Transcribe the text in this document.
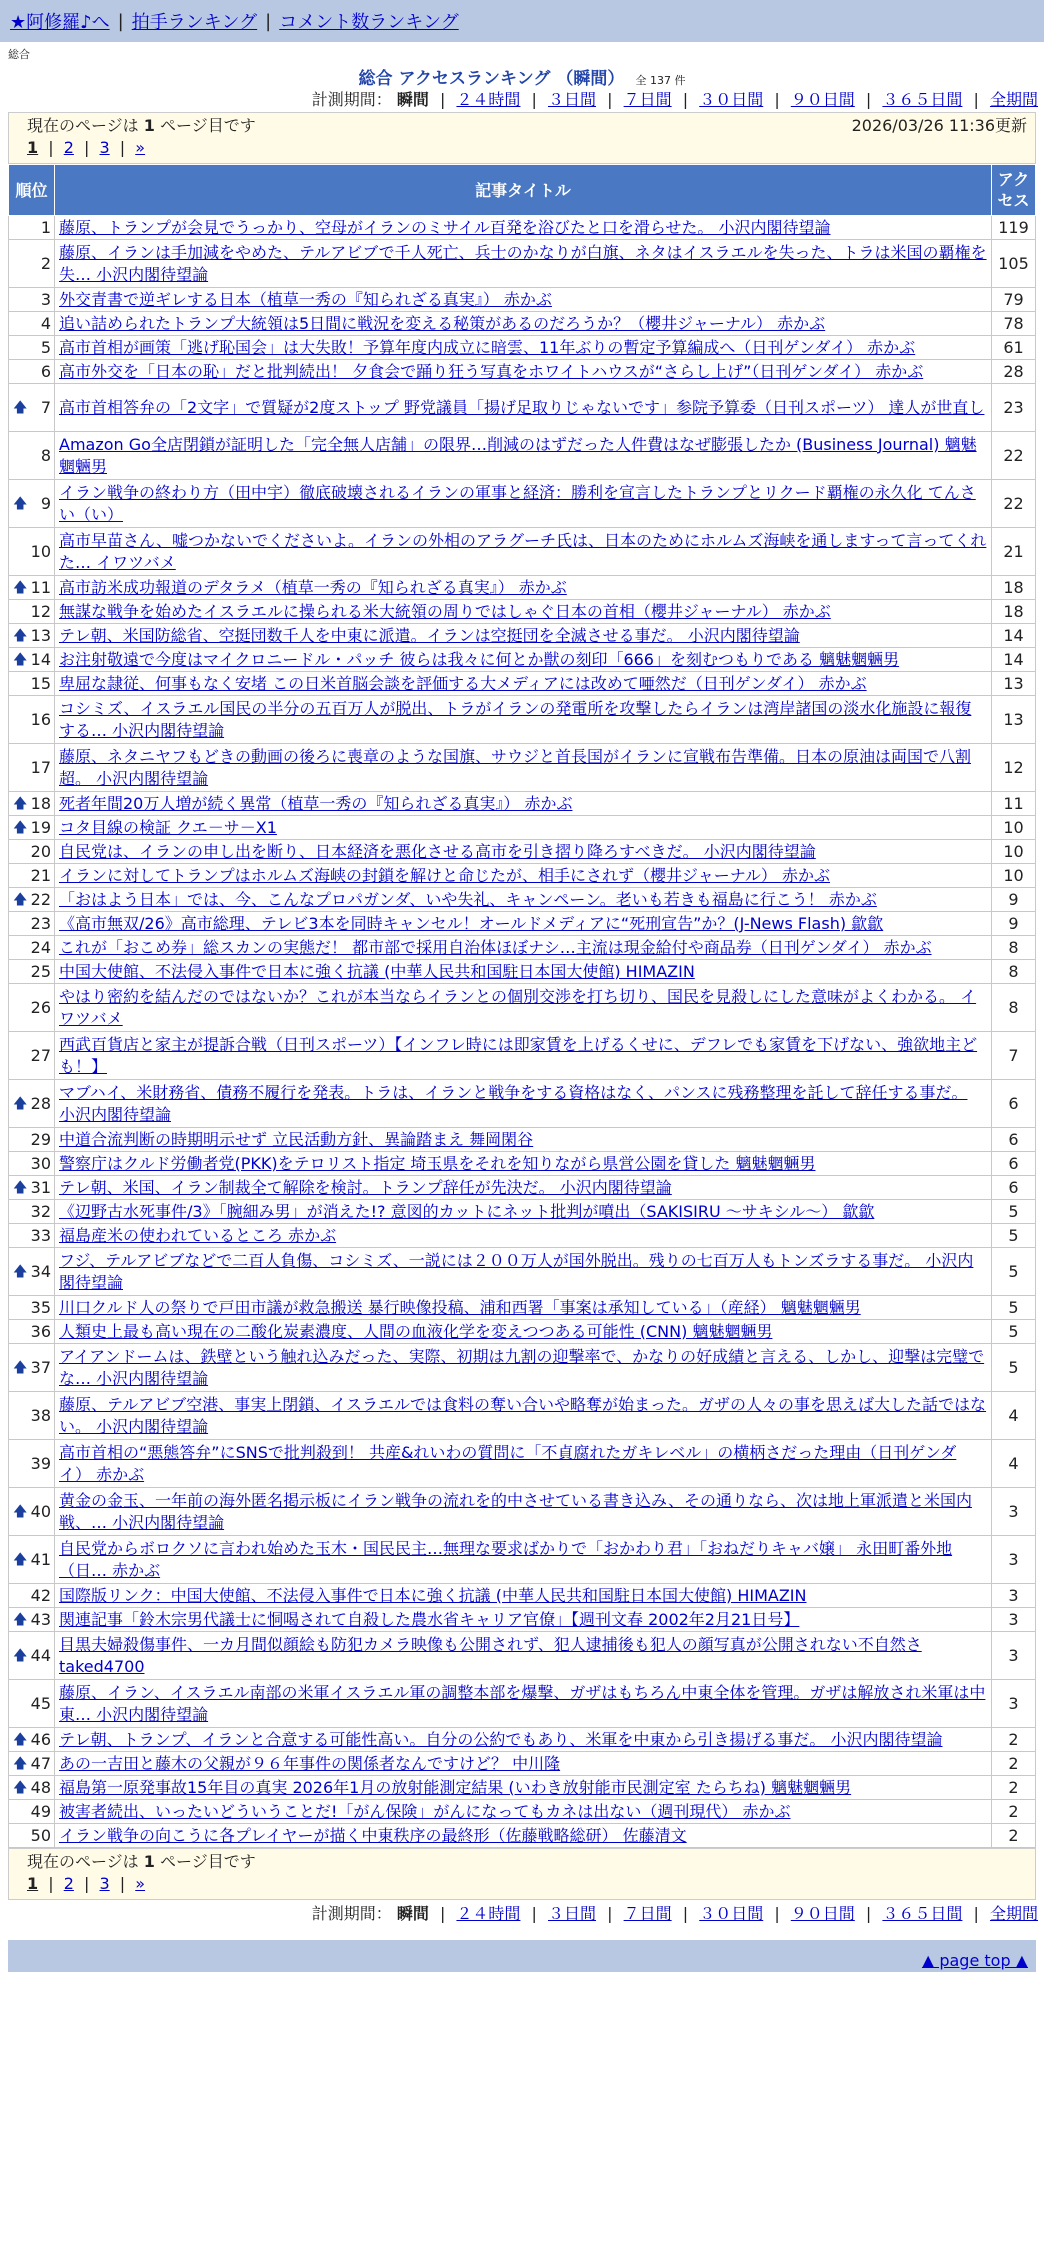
★阿修羅♪へ | 拍手ランキング | コメント数ランキング
総合
総合 アクセスランキング （瞬間） 全 137 件
計測期間： 瞬間 | ２４時間 | ３日間 | ７日間 | ３０日間 | ９０日間 | ３６５日間 | 全期間
現在のページは 1 ページ目です	2026/03/26 11:36更新
1 | 2 | 3 | »
順位	記事タイトル	アクセス
1	藤原、トランプが会見でうっかり、空母がイランのミサイル百発を浴びたと口を滑らせた。 小沢内閣待望論	119
2	藤原、イランは手加減をやめた、テルアビブで千人死亡、兵士のかなりが白旗、ネタはイスラエルを失った、トラは米国の覇権を失… 小沢内閣待望論	105
3	外交青書で逆ギレする日本（植草一秀の『知られざる真実』） 赤かぶ	79
4	追い詰められたトランプ大統領は5日間に戦況を変える秘策があるのだろうか？（櫻井ジャーナル） 赤かぶ	78
5	高市首相が画策「逃げ恥国会」は大失敗！予算年度内成立に暗雲、11年ぶりの暫定予算編成へ（日刊ゲンダイ） 赤かぶ	61
6	高市外交を「日本の恥」だと批判続出！ 夕食会で踊り狂う写真をホワイトハウスが“さらし上げ”（日刊ゲンダイ） 赤かぶ	28

🡅 7	高市首相答弁の「2文字」で質疑が2度ストップ 野党議員「揚げ足取りじゃないです」参院予算委（日刊スポーツ） 達人が世直し	23
8	Amazon Go全店閉鎖が証明した「完全無人店舗」の限界…削減のはずだった人件費はなぜ膨張したか (Business Journal) 魑魅魍魎男	22

🡅 9	イラン戦争の終わり方（田中宇）徹底破壊されるイランの軍事と経済：勝利を宣言したトランプとリクード覇権の永久化 てんさい（い）	22
10	高市早苗さん、嘘つかないでくださいよ。イランの外相のアラグーチ氏は、日本のためにホルムズ海峡を通しますって言ってくれた… イワツバメ	21

🡅 11	高市訪米成功報道のデタラメ（植草一秀の『知られざる真実』） 赤かぶ	18
12	無謀な戦争を始めたイスラエルに操られる米大統領の周りではしゃぐ日本の首相（櫻井ジャーナル） 赤かぶ	18

🡅 13	テレ朝、米国防総省、空挺団数千人を中東に派遣。イランは空挺団を全滅させる事だ。 小沢内閣待望論	14

🡅 14	お注射敬遠で今度はマイクロニードル・パッチ 彼らは我々に何とか獣の刻印「666」を刻むつもりである 魑魅魍魎男	14
15	卑屈な隷従、何事もなく安堵 この日米首脳会談を評価する大メディアには改めて唖然だ（日刊ゲンダイ） 赤かぶ	13
16	コシミズ、イスラエル国民の半分の五百万人が脱出、トラがイランの発電所を攻撃したらイランは湾岸諸国の淡水化施設に報復する… 小沢内閣待望論	13
17	藤原、ネタニヤフもどきの動画の後ろに喪章のような国旗、サウジと首長国がイランに宣戦布告準備。日本の原油は両国で八割超。 小沢内閣待望論	12

🡅 18	死者年間20万人増が続く異常（植草一秀の『知られざる真実』） 赤かぶ	11

🡅 19	コタ目線の検証 クエ－サ－X1	10
20	自民党は、イランの申し出を断り、日本経済を悪化させる高市を引き摺り降ろすべきだ。 小沢内閣待望論	10
21	イランに対してトランプはホルムズ海峡の封鎖を解けと命じたが、相手にされず（櫻井ジャーナル） 赤かぶ	10

🡅 22	「おはよう日本」では、今、こんなプロパガンダ、いや失礼、キャンペーン。老いも若きも福島に行こう！ 赤かぶ	9
23	《高市無双/26》高市総理、テレビ3本を同時キャンセル！オールドメディアに“死刑宣告”か？(J-News Flash) 歙歙	9
24	これが「おこめ券」総スカンの実態だ！ 都市部で採用自治体ほぼナシ…主流は現金給付や商品券（日刊ゲンダイ） 赤かぶ	8
25	中国大使館、不法侵入事件で日本に強く抗議 (中華人民共和国駐日本国大使館) HIMAZIN	8
26	やはり密約を結んだのではないか？これが本当ならイランとの個別交渉を打ち切り、国民を見殺しにした意味がよくわかる。 イワツバメ	8
27	西武百貨店と家主が提訴合戦（日刊スポーツ）【インフレ時には即家賃を上げるくせに、デフレでも家賃を下げない、強欲地主ども！】	7

🡅 28	マブハイ、米財務省、債務不履行を発表。トラは、イランと戦争をする資格はなく、パンスに残務整理を託して辞任する事だ。 小沢内閣待望論	6
29	中道合流判断の時期明示せず 立民活動方針、異論踏まえ 舞岡閑谷	6
30	警察庁はクルド労働者党(PKK)をテロリスト指定 埼玉県をそれを知りながら県営公園を貸した 魑魅魍魎男	6

🡅 31	テレ朝、米国、イラン制裁全て解除を検討。トランプ辞任が先決だ。 小沢内閣待望論	6
32	《辺野古水死事件/3》「腕細み男」が消えた!? 意図的カットにネット批判が噴出（SAKISIRU ～サキシル～） 歙歙	5
33	福島産米の使われているところ 赤かぶ	5

🡅 34	フジ、テルアビブなどで二百人負傷、コシミズ、一説には２００万人が国外脱出。残りの七百万人もトンズラする事だ。 小沢内閣待望論	5
35	川口クルド人の祭りで戸田市議が救急搬送 暴行映像投稿、浦和西署「事案は承知している」（産経） 魑魅魍魎男	5
36	人類史上最も高い現在の二酸化炭素濃度、人間の血液化学を変えつつある可能性 (CNN) 魑魅魍魎男	5

🡅 37	アイアンドームは、鉄壁という触れ込みだった、実際、初期は九割の迎撃率で、かなりの好成績と言える、しかし、迎撃は完璧でな… 小沢内閣待望論	5
38	藤原、テルアビブ空港、事実上閉鎖、イスラエルでは食料の奪い合いや略奪が始まった。ガザの人々の事を思えば大した話ではない。 小沢内閣待望論	4
39	高市首相の“悪態答弁”にSNSで批判殺到！ 共産&れいわの質問に「不貞腐れたガキレベル」の横柄さだった理由（日刊ゲンダイ） 赤かぶ	4

🡅 40	黄金の金玉、一年前の海外匿名掲示板にイラン戦争の流れを的中させている書き込み、その通りなら、次は地上軍派遣と米国内戦、… 小沢内閣待望論	3

🡅 41	自民党からボロクソに言われ始めた玉木・国民民主…無理な要求ばかりで「おかわり君」「おねだりキャバ嬢」 永田町番外地（日… 赤かぶ	3
42	国際版リンク：中国大使館、不法侵入事件で日本に強く抗議 (中華人民共和国駐日本国大使館) HIMAZIN	3

🡅 43	関連記事「鈴木宗男代議士に恫喝されて自殺した農水省キャリア官僚」【週刊文春 2002年2月21日号】	3

🡅 44	目黒夫婦殺傷事件、一カ月間似顔絵も防犯カメラ映像も公開されず、犯人逮捕後も犯人の顔写真が公開されない不自然さ taked4700	3
45	藤原、イラン、イスラエル南部の米軍イスラエル軍の調整本部を爆撃、ガザはもちろん中東全体を管理。ガザは解放され米軍は中東… 小沢内閣待望論	3

🡅 46	テレ朝、トランプ、イランと合意する可能性高い。自分の公約でもあり、米軍を中東から引き揚げる事だ。 小沢内閣待望論	2

🡅 47	あの一吉田と藤木の父親が９６年事件の関係者なんですけど？ 中川隆	2

🡅 48	福島第一原発事故15年目の真実 2026年1月の放射能測定結果 (いわき放射能市民測定室 たらちね) 魑魅魍魎男	2
49	被害者続出、いったいどういうことだ!「がん保険」がんになってもカネは出ない（週刊現代） 赤かぶ	2
50	イラン戦争の向こうに各プレイヤーが描く中東秩序の最終形（佐藤戦略総研） 佐藤清文	2
現在のページは 1 ページ目です
1 | 2 | 3 | »
計測期間： 瞬間 | ２４時間 | ３日間 | ７日間 | ３０日間 | ９０日間 | ３６５日間 | 全期間
▲ page top ▲
